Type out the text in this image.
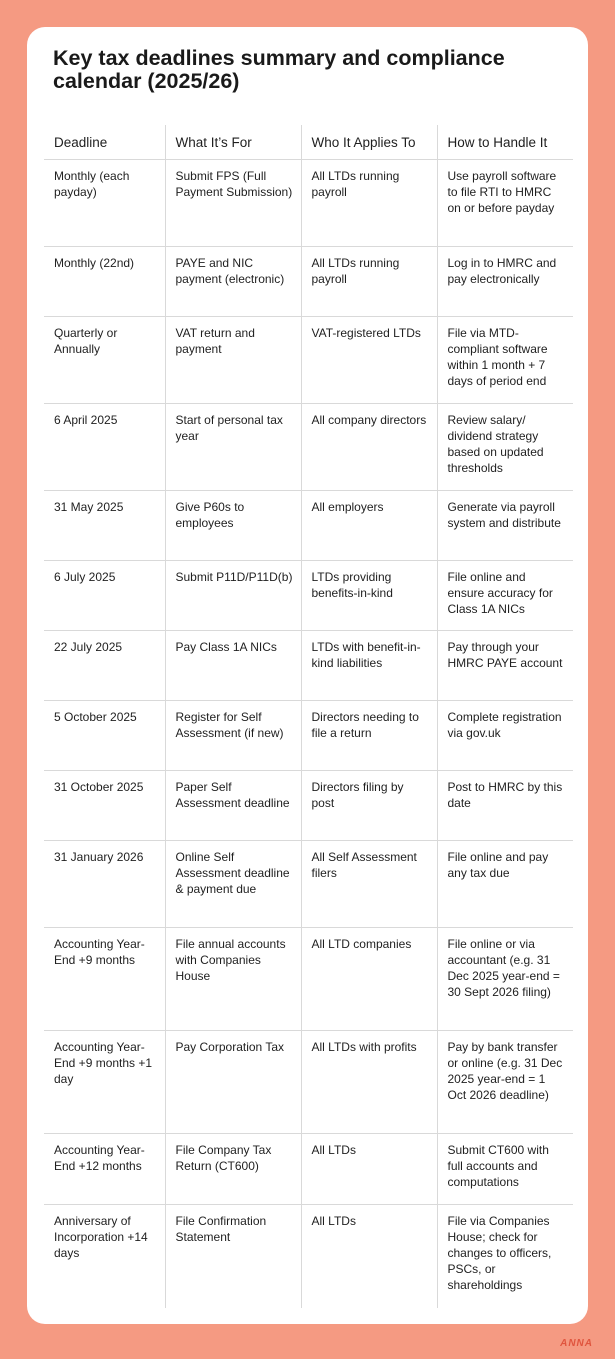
Key tax deadlines summary and compliance calendar (2025/26)
Deadline	What It’s For	Who It Applies To	How to Handle It
Monthly (each payday)	Submit FPS (Full Payment Submission)	All LTDs running payroll	Use payroll software to file RTI to HMRC on or before payday
Monthly (22nd)	PAYE and NIC payment (electronic)	All LTDs running payroll	Log in to HMRC and pay electronically
Quarterly or Annually	VAT return and payment	VAT-registered LTDs	File via MTD-compliant software within 1 month + 7 days of period end
6 April 2025	Start of personal tax year	All company directors	Review salary/ dividend strategy based on updated thresholds
31 May 2025	Give P60s to employees	All employers	Generate via payroll system and distribute
6 July 2025	Submit P11D/P11D(b)	LTDs providing benefits-in-kind	File online and ensure accuracy for Class 1A NICs
22 July 2025	Pay Class 1A NICs	LTDs with benefit-in-kind liabilities	Pay through your HMRC PAYE account
5 October 2025	Register for Self Assessment (if new)	Directors needing to file a return	Complete registration via gov.uk
31 October 2025	Paper Self Assessment deadline	Directors filing by post	Post to HMRC by this date
31 January 2026	Online Self Assessment deadline & payment due	All Self Assessment filers	File online and pay any tax due
Accounting Year-End +9 months	File annual accounts with Companies House	All LTD companies	File online or via accountant (e.g. 31 Dec 2025 year-end = 30 Sept 2026 filing)
Accounting Year-End +9 months +1 day	Pay Corporation Tax	All LTDs with profits	Pay by bank transfer or online (e.g. 31 Dec 2025 year-end = 1 Oct 2026 deadline)
Accounting Year-End +12 months	File Company Tax Return (CT600)	All LTDs	Submit CT600 with full accounts and computations
Anniversary of Incorporation +14 days	File Confirmation Statement	All LTDs	File via Companies House; check for changes to officers, PSCs, or shareholdings
ANNA
